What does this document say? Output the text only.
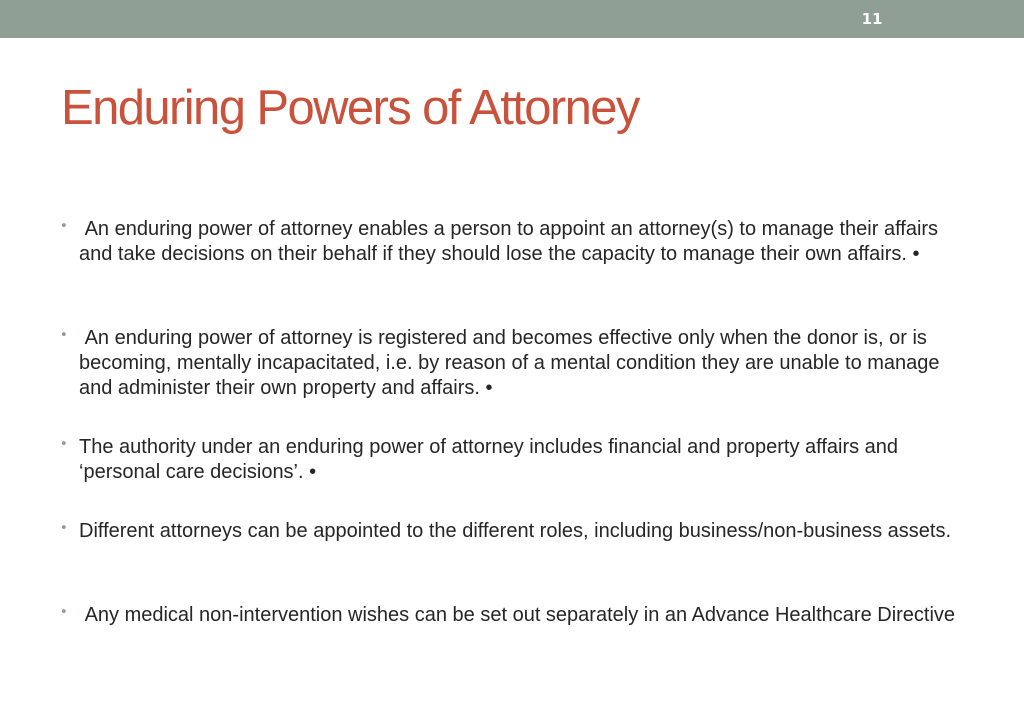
11
Enduring Powers of Attorney
• An enduring power of attorney enables a person to appoint an attorney(s) to manage their affairs and take decisions on their behalf if they should lose the capacity to manage their own affairs. •
• An enduring power of attorney is registered and becomes effective only when the donor is, or is becoming, mentally incapacitated, i.e. by reason of a mental condition they are unable to manage and administer their own property and affairs. •
• The authority under an enduring power of attorney includes financial and property affairs and ‘personal care decisions’. •
• Different attorneys can be appointed to the different roles, including business/non-business assets.
• Any medical non-intervention wishes can be set out separately in an Advance Healthcare Directive
